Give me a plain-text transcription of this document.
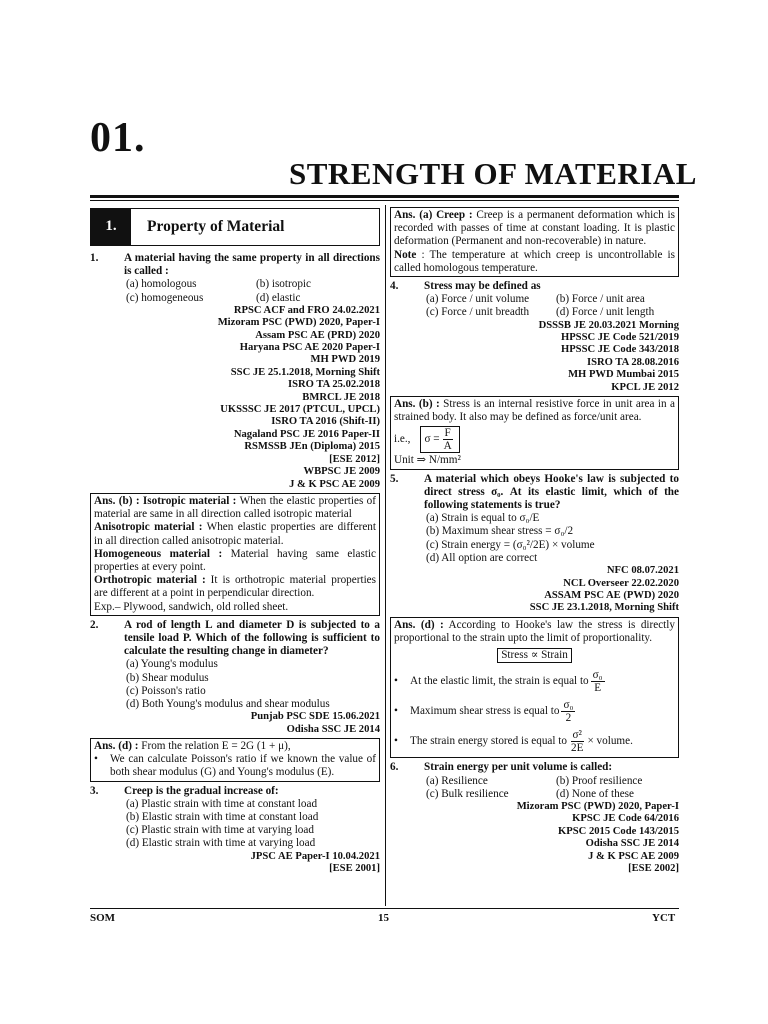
01.
STRENGTH OF MATERIAL
1.	Property of Material
1.	A material having the same property in all directions is called :
(a) homologous	(b) isotropic
(c) homogeneous	(d) elastic
RPSC ACF and FRO 24.02.2021
Mizoram PSC (PWD) 2020, Paper-I
Assam PSC AE (PRD) 2020
Haryana PSC AE 2020 Paper-I
MH PWD 2019
SSC JE 25.1.2018, Morning Shift
ISRO TA 25.02.2018
BMRCL JE 2018
UKSSSC JE 2017 (PTCUL, UPCL)
ISRO TA 2016 (Shift-II)
Nagaland PSC JE 2016 Paper-II
RSMSSB JEn (Diploma) 2015
[ESE 2012]
WBPSC JE 2009
J & K PSC AE 2009
Ans. (b) : Isotropic material : When the elastic properties of material are same in all direction called isotropic material
Anisotropic material : When elastic properties are different in all direction called anisotropic material.
Homogeneous material : Material having same elastic properties at every point.
Orthotropic material : It is orthotropic material properties are different at a point in perpendicular direction.
Exp.– Plywood, sandwich, old rolled sheet.
2.	A rod of length L and diameter D is subjected to a tensile load P. Which of the following is sufficient to calculate the resulting change in diameter?
(a) Young's modulus
(b) Shear modulus
(c) Poisson's ratio
(d) Both Young's modulus and shear modulus
Punjab PSC SDE 15.06.2021
Odisha SSC JE 2014
Ans. (d) : From the relation E = 2G (1 + μ),
•	We can calculate Poisson's ratio if we known the value of both shear modulus (G) and Young's modulus (E).
3.	Creep is the gradual increase of:
(a) Plastic strain with time at constant load
(b) Elastic strain with time at constant load
(c) Plastic strain with time at varying load
(d) Elastic strain with time at varying load
JPSC AE Paper-I 10.04.2021
[ESE 2001]
Ans. (a) Creep : Creep is a permanent deformation which is recorded with passes of time at constant loading. It is plastic deformation (Permanent and non-recoverable) in nature.
Note : The temperature at which creep is uncontrollable is called homologous temperature.
4.	Stress may be defined as
(a) Force / unit volume	(b) Force / unit area
(c) Force / unit breadth	(d) Force / unit length
DSSSB JE 20.03.2021 Morning
HPSSC JE Code 521/2019
HPSSC JE Code 343/2018
ISRO TA 28.08.2016
MH PWD Mumbai 2015
KPCL JE 2012
Ans. (b) : Stress is an internal resistive force in unit area in a strained body. It also may be defined as force/unit area.
i.e., $\sigma = \frac{F}{A}$
Unit ⇒ N/mm²
5.	A material which obeys Hooke's law is subjected to direct stress σ₀. At its elastic limit, which of the following statements is true?
(a) Strain is equal to σ₀/E
(b) Maximum shear stress = σ₀/2
(c) Strain energy = (σ₀²/2E) × volume
(d) All option are correct
NFC 08.07.2021
NCL Overseer 22.02.2020
ASSAM PSC AE (PWD) 2020
SSC JE 23.1.2018, Morning Shift
Ans. (d) : According to Hooke's law the stress is directly proportional to the strain upto the limit of proportionality.
Stress ∝ Strain
•	At the elastic limit, the strain is equal to $\frac{\text{σ₀}}{E}$
•	Maximum shear stress is equal to $\frac{\text{σ₀}}{2}$
•	The strain energy stored is equal to $\frac{\text{σ²}}{2E}$ × volume.
6.	Strain energy per unit volume is called:
(a) Resilience	(b) Proof resilience
(c) Bulk resilience	(d) None of these
Mizoram PSC (PWD) 2020, Paper-I
KPSC JE Code 64/2016
KPSC 2015 Code 143/2015
Odisha SSC JE 2014
J & K PSC AE 2009
[ESE 2002]
SOM	15	YCT
